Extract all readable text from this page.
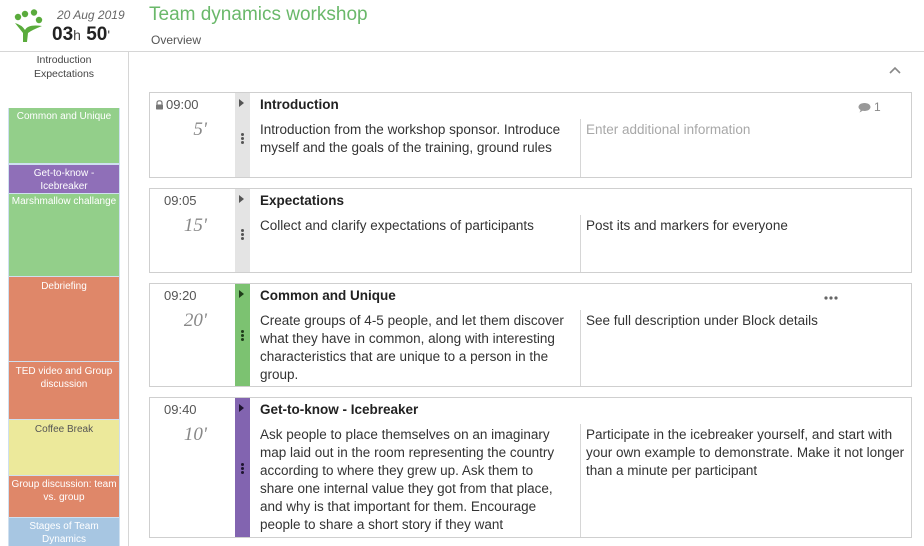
20 Aug 2019
03h 50'
Team dynamics workshop
Overview
Introduction
Expectations
Common and Unique
Get-to-know - Icebreaker
Marshmallow challange
Debriefing
TED video and Group discussion
Coffee Break
Group discussion: team vs. group
Stages of Team Dynamics
09:00
5'
Introduction	1
Introduction from the workshop sponsor. Introduce myself and the goals of the training, ground rules
Enter additional information
09:05
15'
Expectations
Collect and clarify expectations of participants	Post its and markers for everyone
09:20
20'
Common and Unique
Create groups of 4-5 people, and let them discover what they have in common, along with interesting characteristics that are unique to a person in the group.
See full description under Block details
09:40
10'
Get-to-know - Icebreaker
Ask people to place themselves on an imaginary map laid out in the room representing the country according to where they grew up. Ask them to share one internal value they got from that place, and why is that important for them. Encourage people to share a short story if they want
Participate in the icebreaker yourself, and start with your own example to demonstrate. Make it not longer than a minute per participant
